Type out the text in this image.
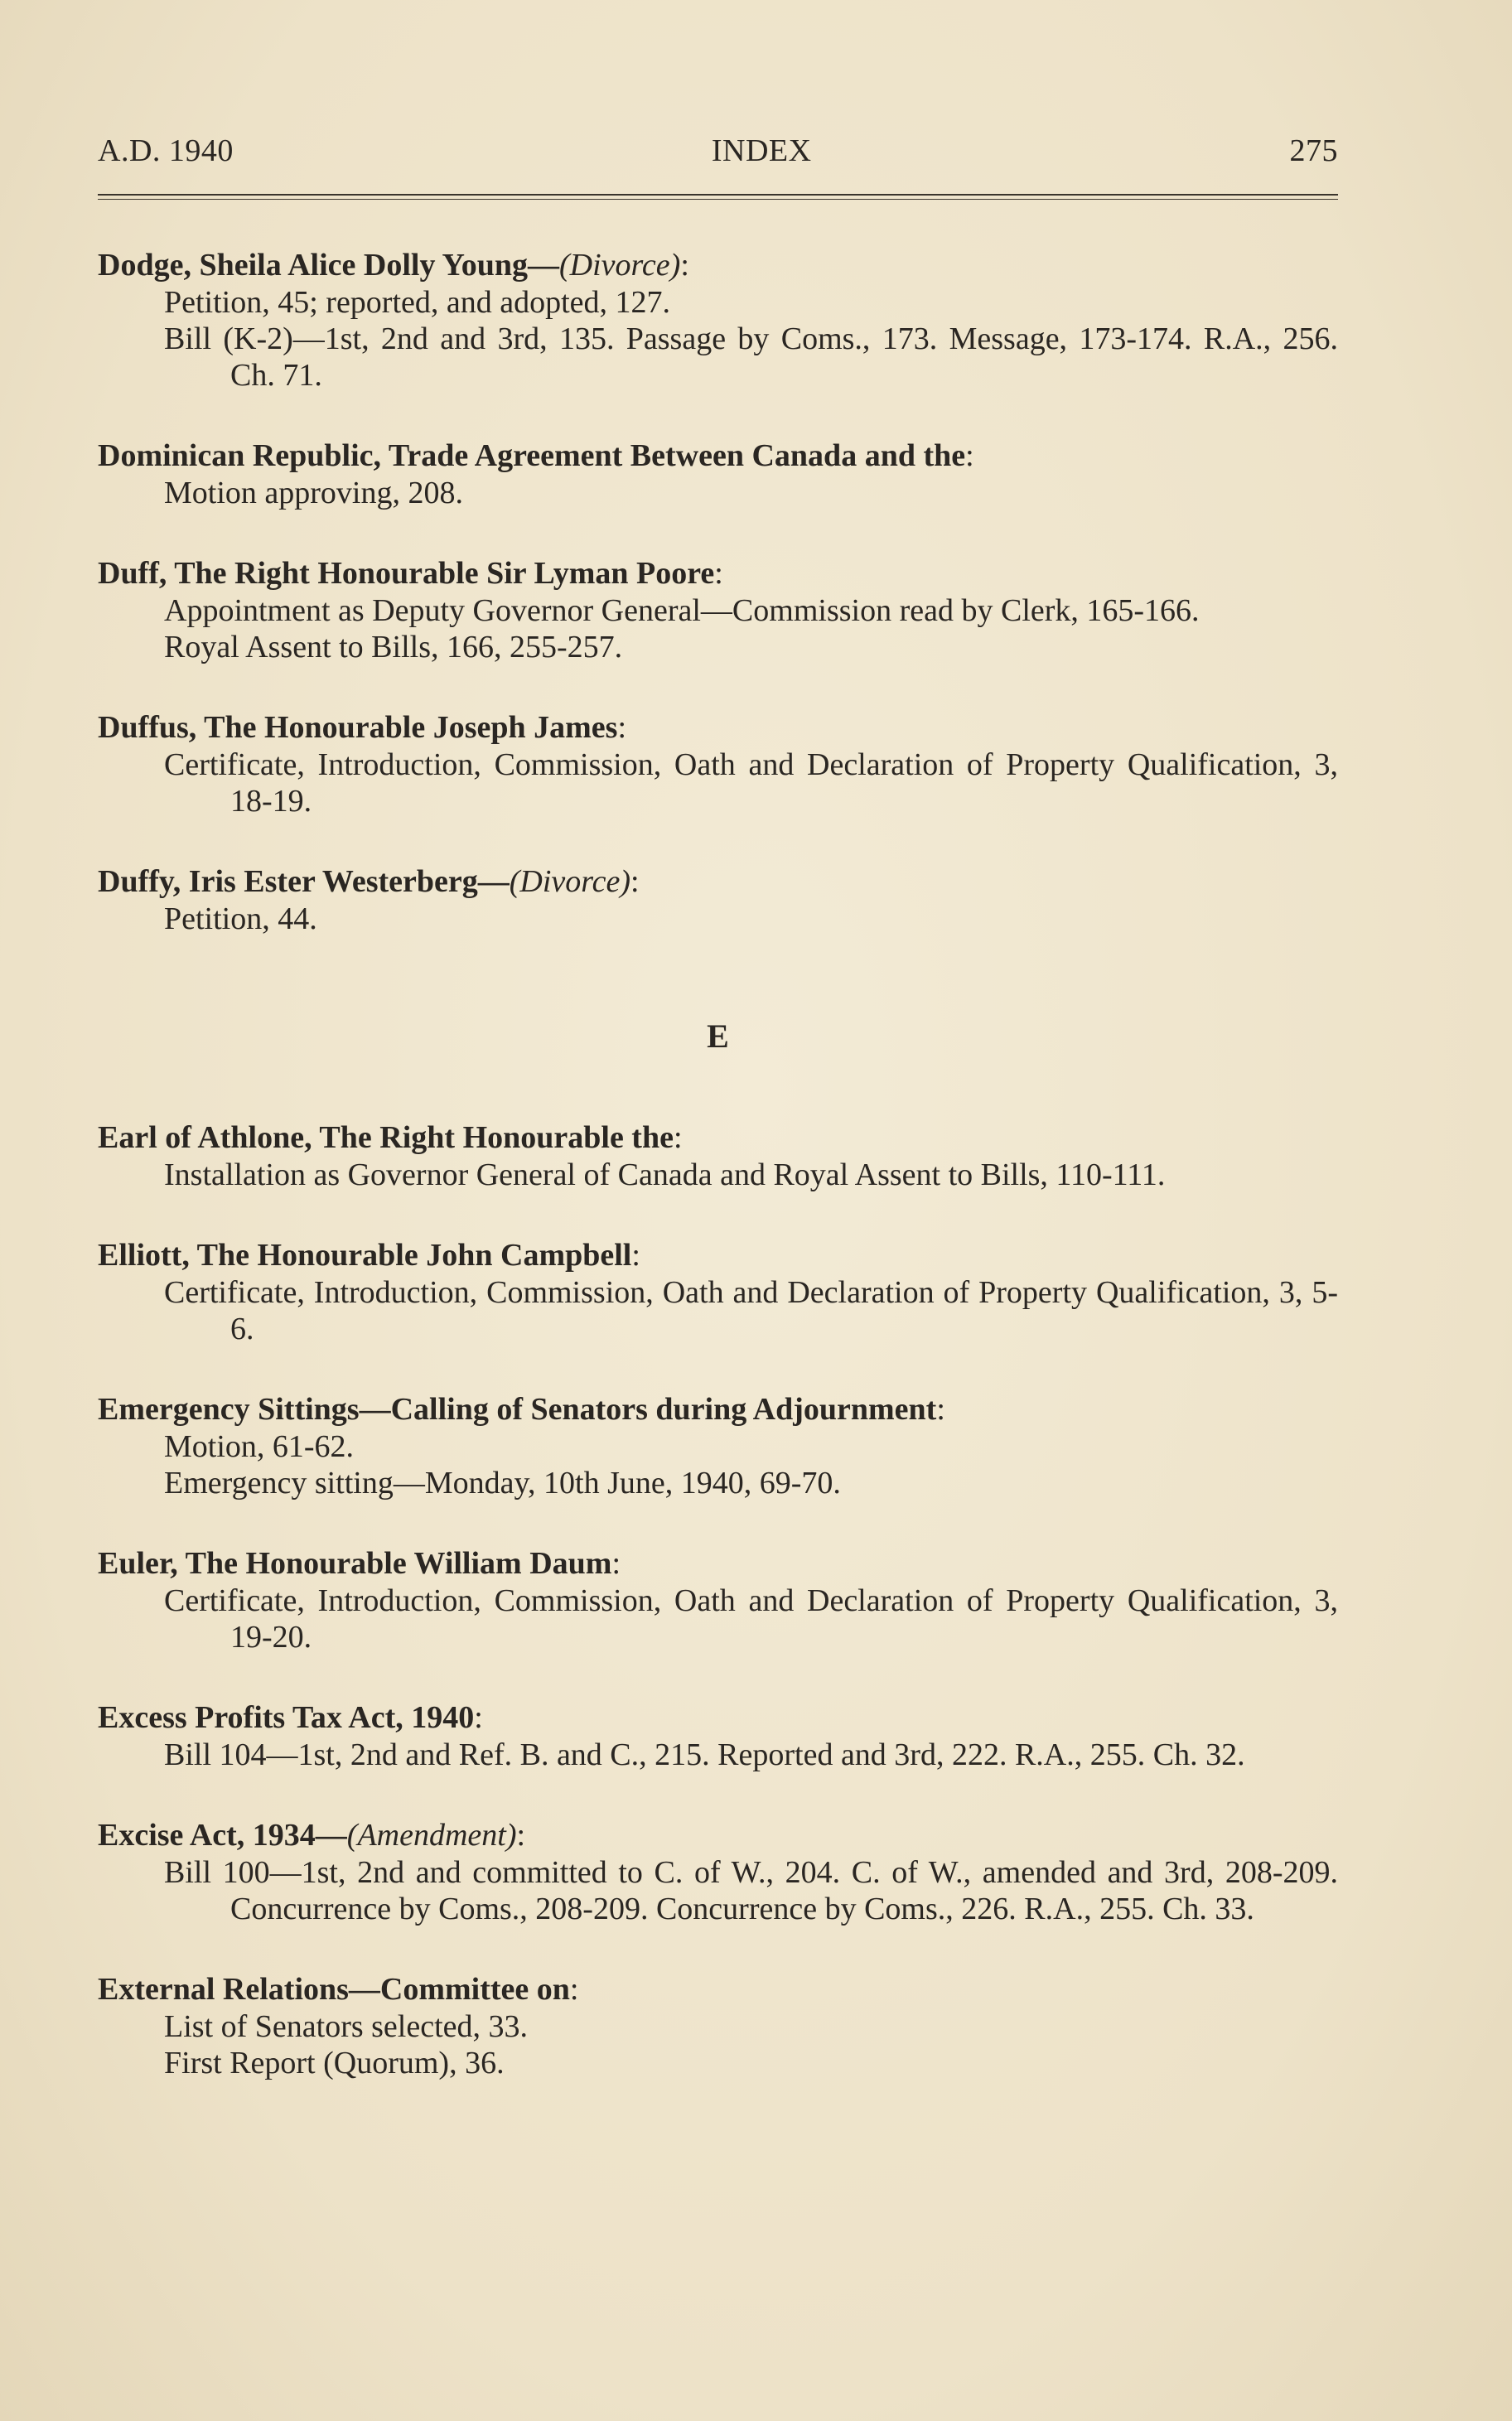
A.D. 1940	INDEX	275
Dodge, Sheila Alice Dolly Young—(Divorce):
Petition, 45; reported, and adopted, 127.
Bill (K-2)—1st, 2nd and 3rd, 135. Passage by Coms., 173. Message, 173-174. R.A., 256. Ch. 71.
Dominican Republic, Trade Agreement Between Canada and the:
Motion approving, 208.
Duff, The Right Honourable Sir Lyman Poore:
Appointment as Deputy Governor General—Commission read by Clerk, 165-166.
Royal Assent to Bills, 166, 255-257.
Duffus, The Honourable Joseph James:
Certificate, Introduction, Commission, Oath and Declaration of Property Qualification, 3, 18-19.
Duffy, Iris Ester Westerberg—(Divorce):
Petition, 44.
E
Earl of Athlone, The Right Honourable the:
Installation as Governor General of Canada and Royal Assent to Bills, 110-111.
Elliott, The Honourable John Campbell:
Certificate, Introduction, Commission, Oath and Declaration of Property Qualification, 3, 5-6.
Emergency Sittings—Calling of Senators during Adjournment:
Motion, 61-62.
Emergency sitting—Monday, 10th June, 1940, 69-70.
Euler, The Honourable William Daum:
Certificate, Introduction, Commission, Oath and Declaration of Property Qualification, 3, 19-20.
Excess Profits Tax Act, 1940:
Bill 104—1st, 2nd and Ref. B. and C., 215. Reported and 3rd, 222. R.A., 255. Ch. 32.
Excise Act, 1934—(Amendment):
Bill 100—1st, 2nd and committed to C. of W., 204. C. of W., amended and 3rd, 208-209. Concurrence by Coms., 208-209. Concurrence by Coms., 226. R.A., 255. Ch. 33.
External Relations—Committee on:
List of Senators selected, 33.
First Report (Quorum), 36.
